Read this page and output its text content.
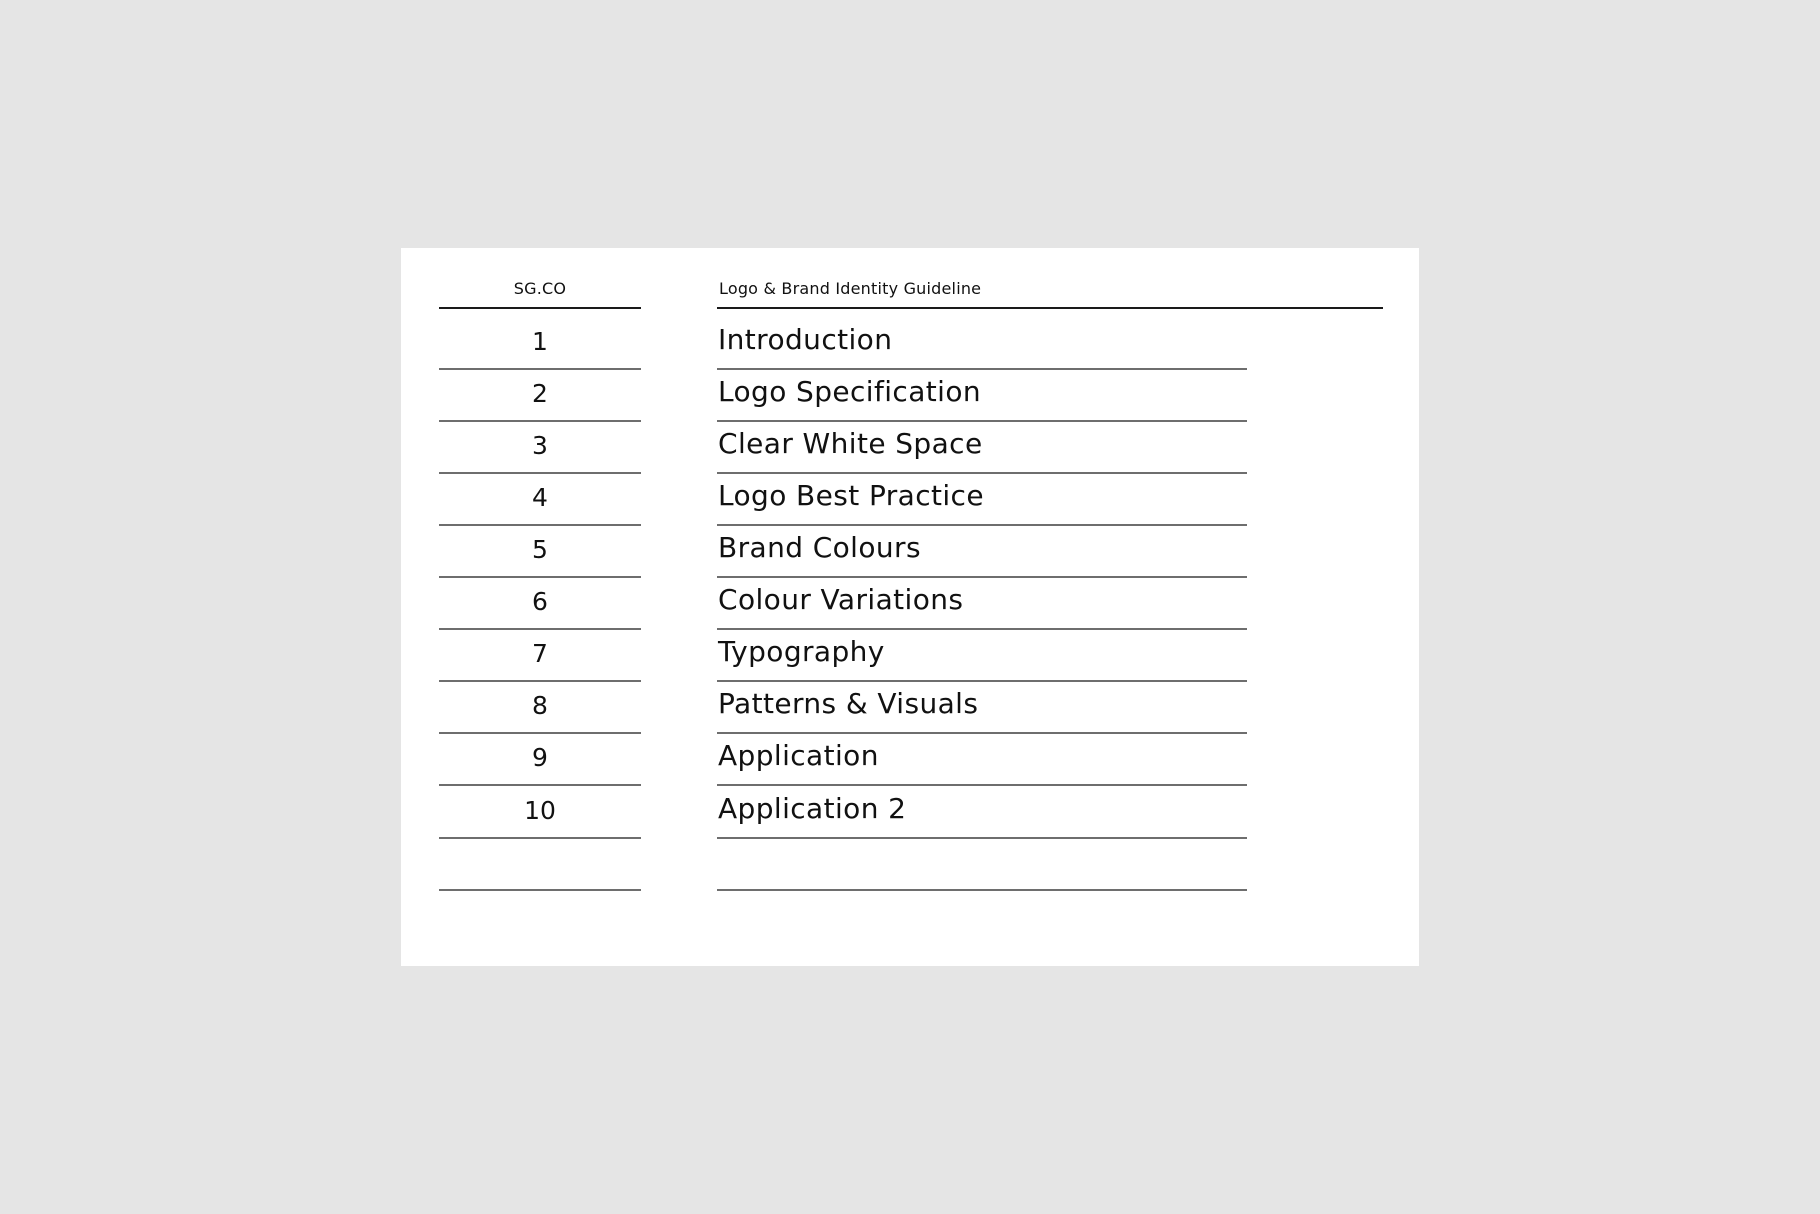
SG.CO
1
2
3
4
5
6
7
8
9
10
Logo & Brand Identity Guideline
Introduction
Logo Specification
Clear White Space
Logo Best Practice
Brand Colours
Colour Variations
Typography
Patterns & Visuals
Application
Application 2
